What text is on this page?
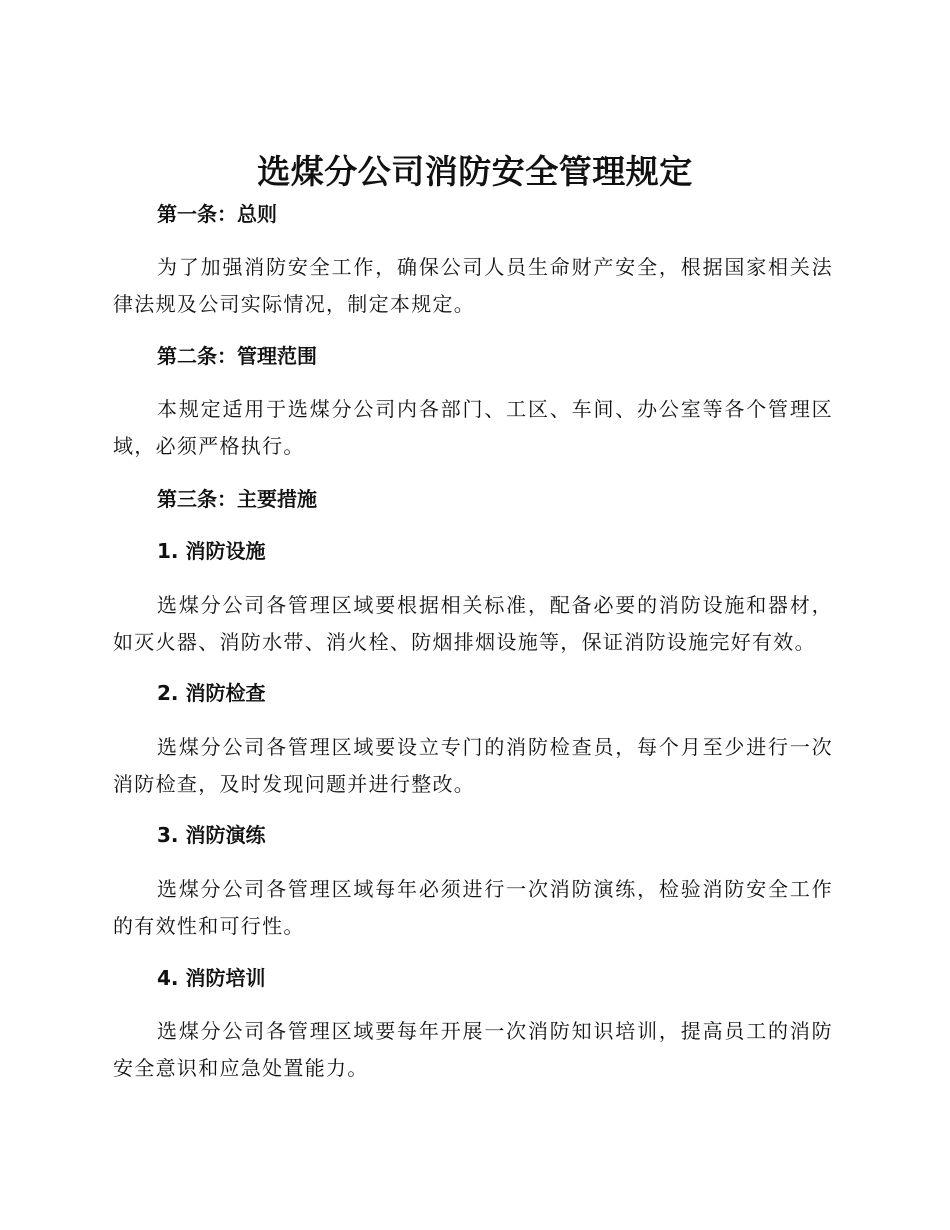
选煤分公司消防安全管理规定
第一条：总则
为了加强消防安全工作，确保公司人员生命财产安全，根据国家相关法律法规及公司实际情况，制定本规定。
第二条：管理范围
本规定适用于选煤分公司内各部门、工区、车间、办公室等各个管理区域，必须严格执行。
第三条：主要措施
1. 消防设施
选煤分公司各管理区域要根据相关标准，配备必要的消防设施和器材，如灭火器、消防水带、消火栓、防烟排烟设施等，保证消防设施完好有效。
2. 消防检查
选煤分公司各管理区域要设立专门的消防检查员，每个月至少进行一次消防检查，及时发现问题并进行整改。
3. 消防演练
选煤分公司各管理区域每年必须进行一次消防演练，检验消防安全工作的有效性和可行性。
4. 消防培训
选煤分公司各管理区域要每年开展一次消防知识培训，提高员工的消防安全意识和应急处置能力。
